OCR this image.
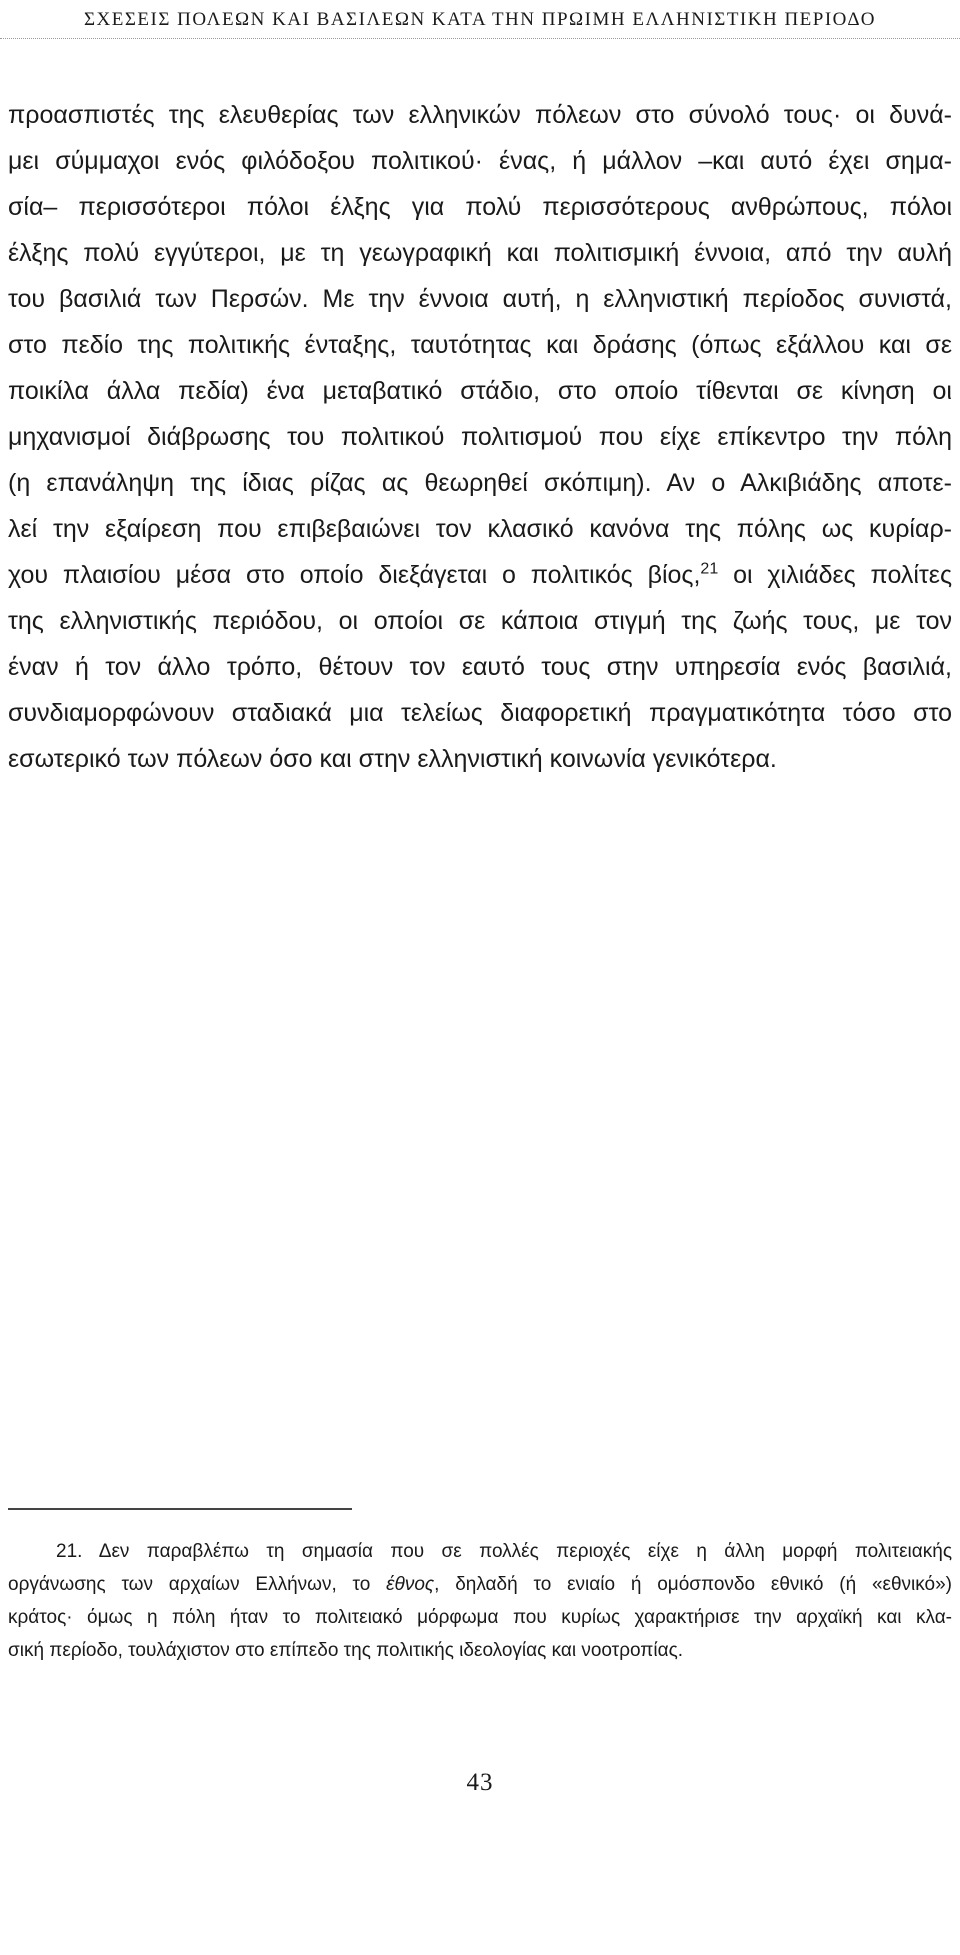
ΣΧΕΣΕΙΣ ΠΟΛΕΩΝ ΚΑΙ ΒΑΣΙΛΕΩΝ ΚΑΤΑ ΤΗΝ ΠΡΩΙΜΗ ΕΛΛΗΝΙΣΤΙΚΗ ΠΕΡΙΟΔΟ
προασπιστές της ελευθερίας των ελληνικών πόλεων στο σύνολό τους· οι δυνά-
μει σύμμαχοι ενός φιλόδοξου πολιτικού· ένας, ή μάλλον –και αυτό έχει σημα-
σία– περισσότεροι πόλοι έλξης για πολύ περισσότερους ανθρώπους, πόλοι
έλξης πολύ εγγύτεροι, με τη γεωγραφική και πολιτισμική έννοια, από την αυλή
του βασιλιά των Περσών. Με την έννοια αυτή, η ελληνιστική περίοδος συνιστά,
στο πεδίο της πολιτικής ένταξης, ταυτότητας και δράσης (όπως εξάλλου και σε
ποικίλα άλλα πεδία) ένα μεταβατικό στάδιο, στο οποίο τίθενται σε κίνηση οι
μηχανισμοί διάβρωσης του πολιτικού πολιτισμού που είχε επίκεντρο την πόλη
(η επανάληψη της ίδιας ρίζας ας θεωρηθεί σκόπιμη). Αν ο Αλκιβιάδης αποτε-
λεί την εξαίρεση που επιβεβαιώνει τον κλασικό κανόνα της πόλης ως κυρίαρ-
χου πλαισίου μέσα στο οποίο διεξάγεται ο πολιτικός βίος,$^{21}$ οι χιλιάδες πολίτες
της ελληνιστικής περιόδου, οι οποίοι σε κάποια στιγμή της ζωής τους, με τον
έναν ή τον άλλο τρόπο, θέτουν τον εαυτό τους στην υπηρεσία ενός βασιλιά,
συνδιαμορφώνουν σταδιακά μια τελείως διαφορετική πραγματικότητα τόσο στο
εσωτερικό των πόλεων όσο και στην ελληνιστική κοινωνία γενικότερα.
21. Δεν παραβλέπω τη σημασία που σε πολλές περιοχές είχε η άλλη μορφή πολιτειακής
οργάνωσης των αρχαίων Ελλήνων, το έθνος, δηλαδή το ενιαίο ή ομόσπονδο εθνικό (ή «εθνικό»)
κράτος· όμως η πόλη ήταν το πολιτειακό μόρφωμα που κυρίως χαρακτήρισε την αρχαϊκή και κλα-
σική περίοδο, τουλάχιστον στο επίπεδο της πολιτικής ιδεολογίας και νοοτροπίας.
43
